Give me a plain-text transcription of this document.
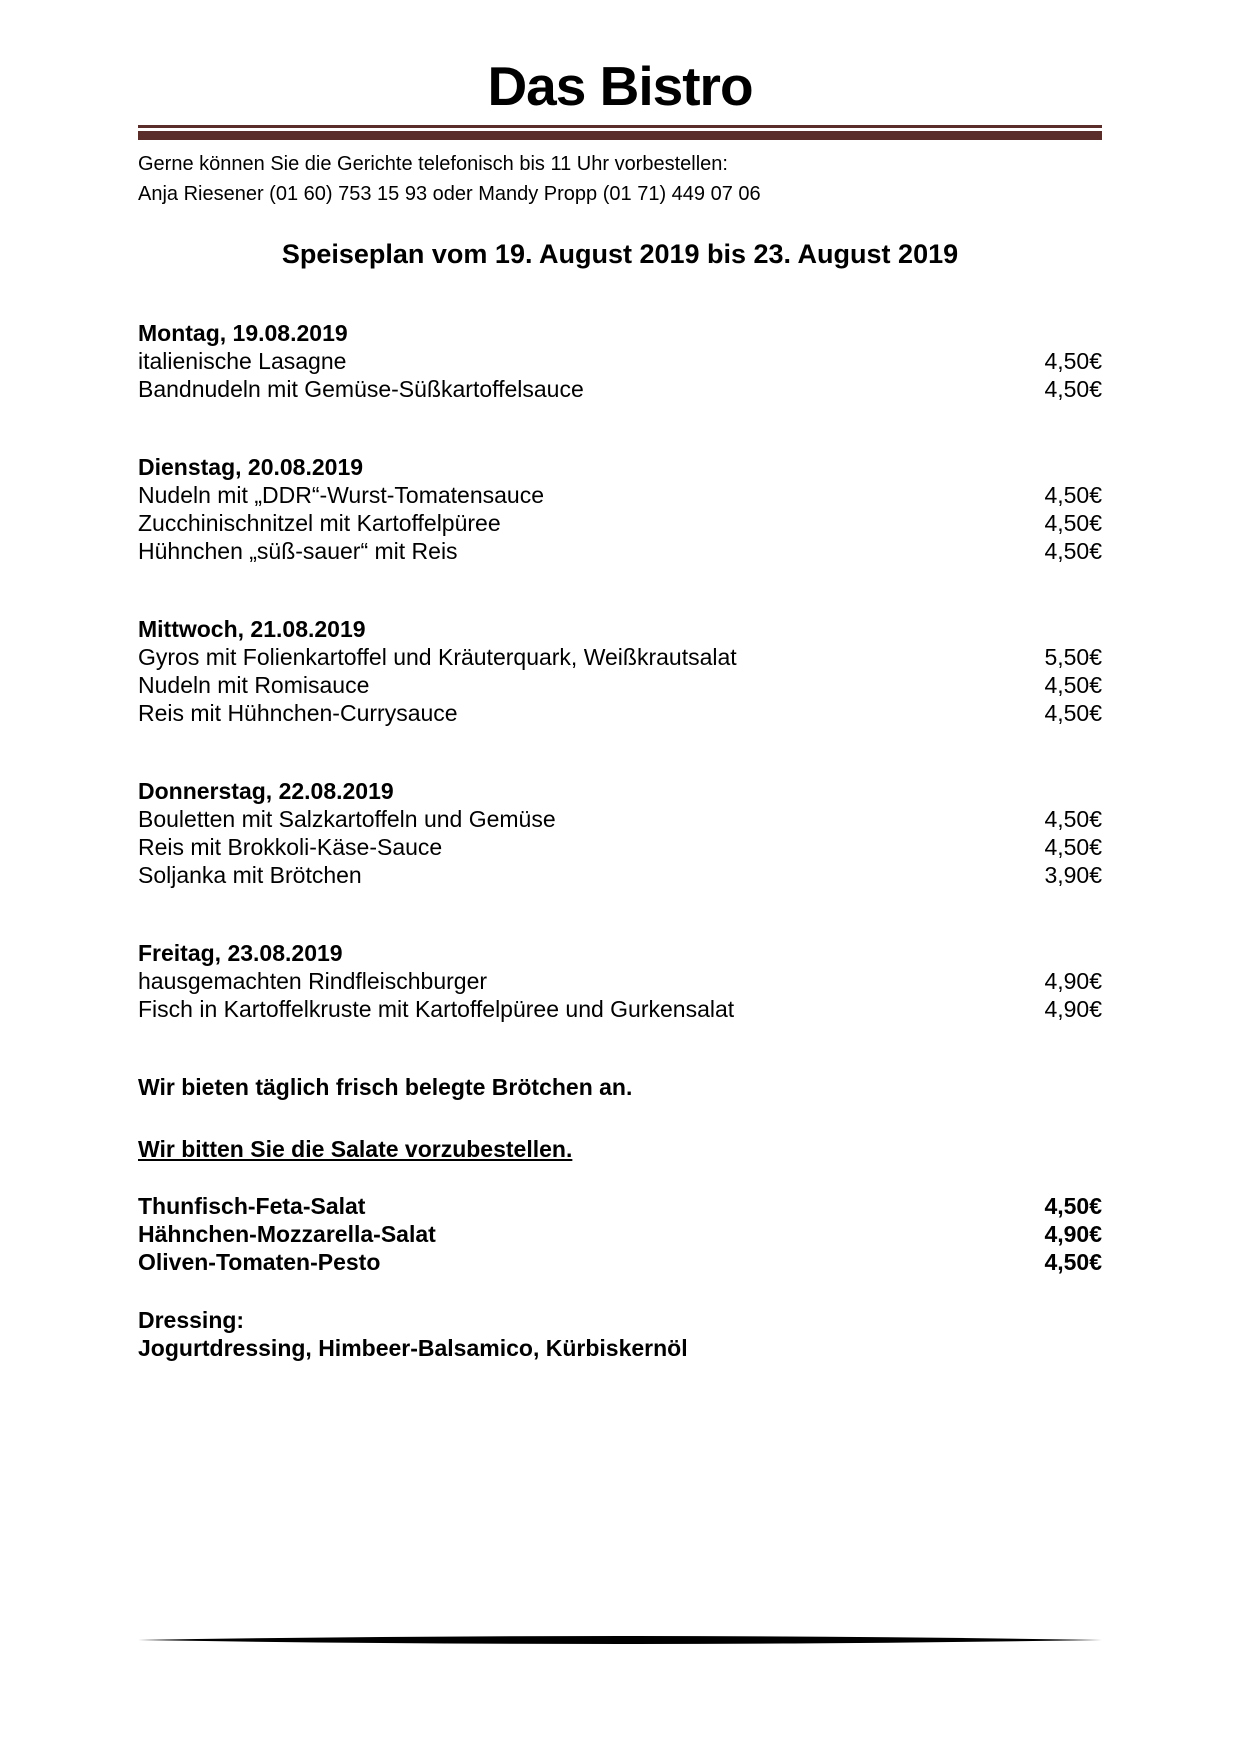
Das Bistro
Gerne können Sie die Gerichte telefonisch bis 11 Uhr vorbestellen:
Anja Riesener (01 60) 753 15 93 oder Mandy Propp (01 71) 449 07 06
Speiseplan vom 19. August 2019 bis 23. August 2019
Montag, 19.08.2019
italienische Lasagne	4,50€
Bandnudeln mit Gemüse-Süßkartoffelsauce	4,50€
Dienstag, 20.08.2019
Nudeln mit „DDR“-Wurst-Tomatensauce	4,50€
Zucchinischnitzel mit Kartoffelpüree	4,50€
Hühnchen „süß-sauer“ mit Reis	4,50€
Mittwoch, 21.08.2019
Gyros mit Folienkartoffel und Kräuterquark, Weißkrautsalat	5,50€
Nudeln mit Romisauce	4,50€
Reis mit Hühnchen-Currysauce	4,50€
Donnerstag, 22.08.2019
Bouletten mit Salzkartoffeln und Gemüse	4,50€
Reis mit Brokkoli-Käse-Sauce	4,50€
Soljanka mit Brötchen	3,90€
Freitag, 23.08.2019
hausgemachten Rindfleischburger	4,90€
Fisch in Kartoffelkruste mit Kartoffelpüree und Gurkensalat	4,90€
Wir bieten täglich frisch belegte Brötchen an.
Wir bitten Sie die Salate vorzubestellen.
Thunfisch-Feta-Salat	4,50€
Hähnchen-Mozzarella-Salat	4,90€
Oliven-Tomaten-Pesto	4,50€
Dressing:
Jogurtdressing, Himbeer-Balsamico, Kürbiskernöl
